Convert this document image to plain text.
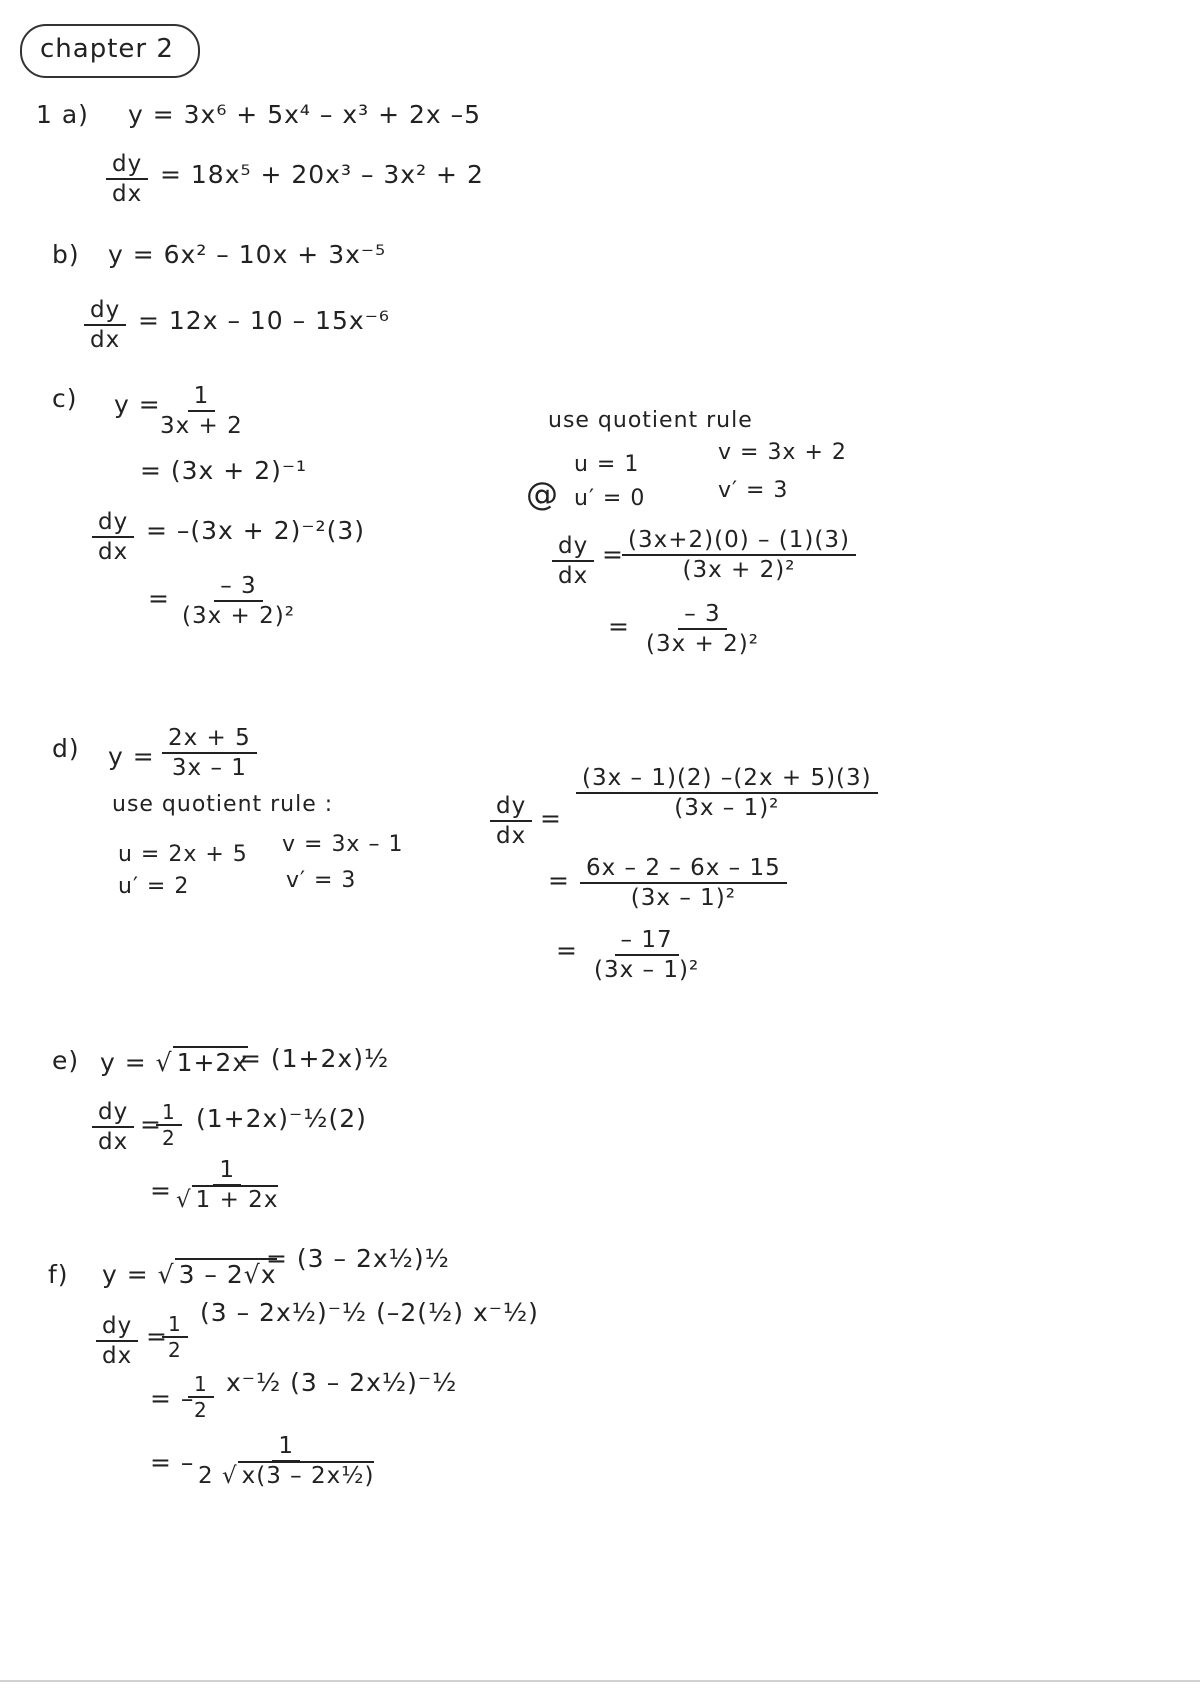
chapter 2
1 a) y = 3x⁶ + 5x⁴ – x³ + 2x –5
$\frac{dy}{dx} = 18x^5 + 20x^3 - 3x^2 + 2$
b) y = 6x² – 10x + 3x⁻⁵
$\frac{dy}{dx} = 12x - 10 - 15x^{-6}$
c) y =
$\frac{1}{3x + 2}$
= (3x + 2)⁻¹
$\frac{dy}{dx} = -(3x + 2)^{-2}(3)$
= $\frac{- 3}{\text{(3x + 2)²}}$
@
use quotient rule
u = 1	v = 3x + 2
u′ = 0	v′ = 3
$\frac{dy}{dx}$ =
$\frac{(3x+2)(0) - (1)(3)}{\text{(3x + 2)²}}$
= $\frac{- 3}{\text{(3x + 2)²}}$
d) $y = \frac{2x + 5}{3x - 1}$
use quotient rule :
u = 2x + 5 v = 3x – 1
u′ = 2	v′ = 3
$\frac{dy}{dx} = \frac{(3x - 1)(2) -(2x + 5)(3)}{\text{(3x – 1)²}}$
= $\frac{6x - 2 - 6x - 15}{\text{(3x – 1)²}}$
= $\frac{- 17}{\text{(3x – 1)²}}$
e) y = √ 1+2x
= (1+2x)½
$\frac{dy}{dx}$ =
$\frac{1}{2}$ (1+2x)⁻½(2)
=
$\frac{1}{√ 1 + 2x}$
f) y = √ 3 – 2√x
= (3 – 2x½)½
$\frac{dy}{dx}$ =
$\frac{1}{2} (3$ – 2x½)⁻½ (–2(½) x⁻½)
= –
$\frac{1}{2}$ x⁻½ (3 – 2x½)⁻½
= –
$\frac{1}{\text{2 √ x(3 – 2x½)}}$
